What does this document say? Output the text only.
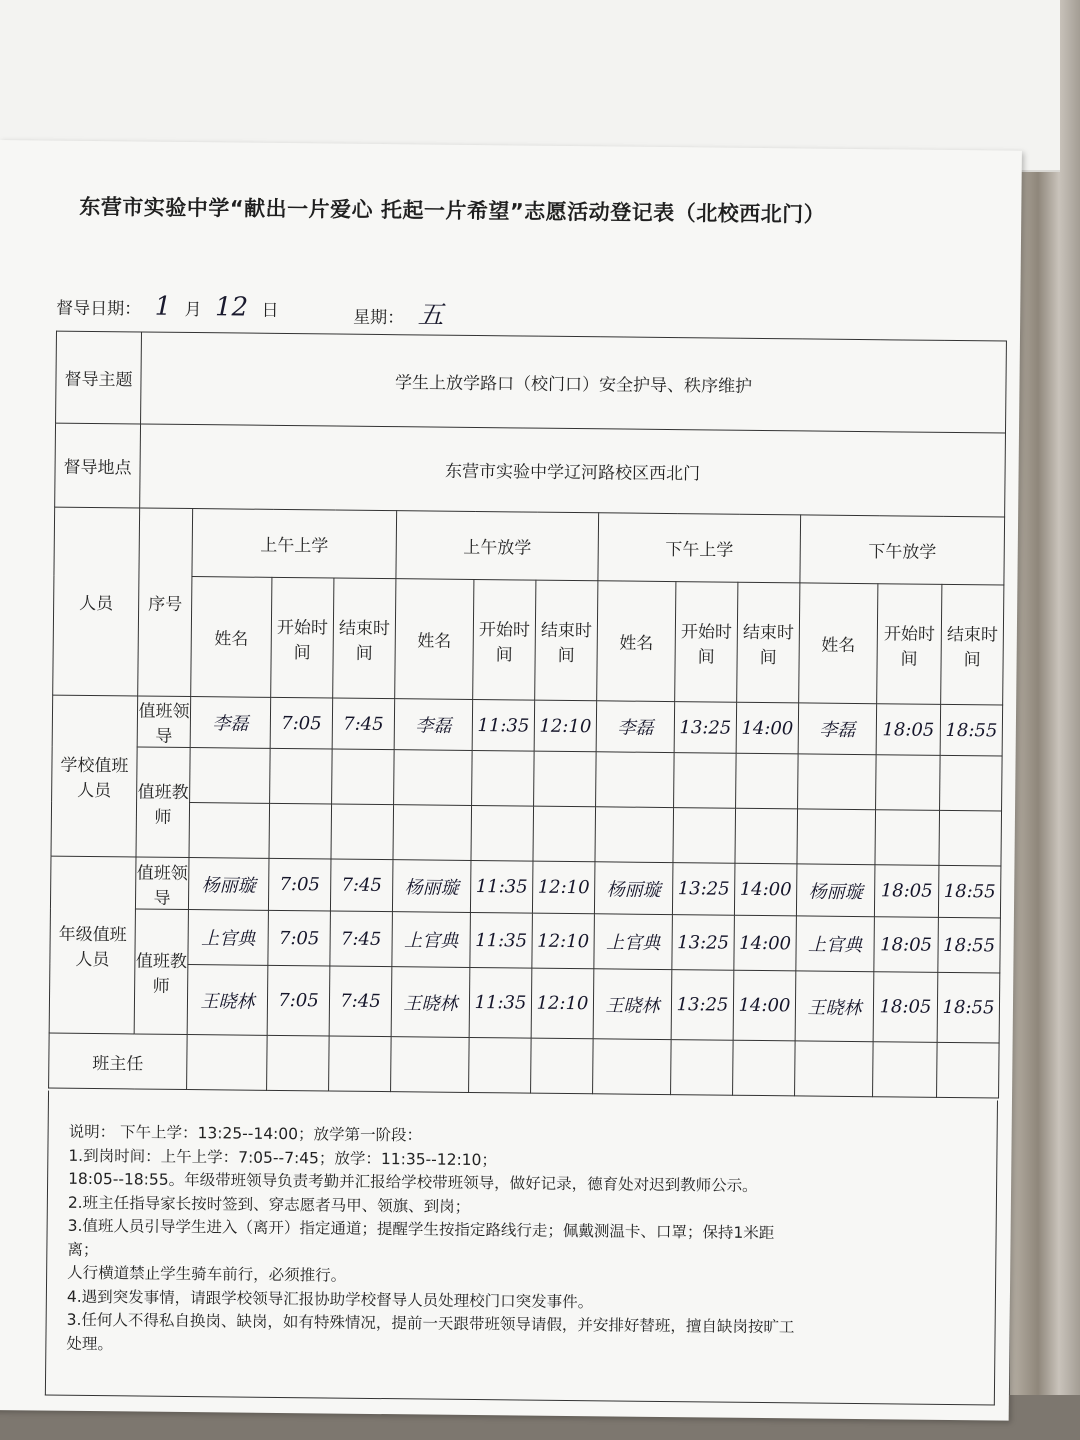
东营市实验中学“献出一片爱心 托起一片希望”志愿活动登记表（北校西北门）
督导日期： 1 月 12 日	星期： 五
督导主题	学生上放学路口（校门口）安全护导、秩序维护												
督导地点	东营市实验中学辽河路校区西北门												
人员	序号	上午上学			上午放学			下午上学			下午放学		
		姓名	开始时间	结束时间	姓名	开始时间	结束时间	姓名	开始时间	结束时间	姓名	开始时间	结束时间
学校值班人员	值班领导	李磊	7:05	7:45	李磊	11:35	12:10	李磊	13:25	14:00	李磊	18:05	18:55
	值班教师												

年级值班人员	值班领导	杨丽璇	7:05	7:45	杨丽璇	11:35	12:10	杨丽璇	13:25	14:00	杨丽璇	18:05	18:55
	值班教师	上官典	7:05	7:45	上官典	11:35	12:10	上官典	13:25	14:00	上官典	18:05	18:55
		王晓林	7:05	7:45	王晓林	11:35	12:10	王晓林	13:25	14:00	王晓林	18:05	18:55
班主任													
说明： 下午上学：13:25--14:00；放学第一阶段：
1.到岗时间：上午上学：7:05--7:45；放学：11:35--12:10；
18:05--18:55。年级带班领导负责考勤并汇报给学校带班领导，做好记录，德育处对迟到教师公示。
2.班主任指导家长按时签到、穿志愿者马甲、领旗、到岗；
3.值班人员引导学生进入（离开）指定通道；提醒学生按指定路线行走；佩戴测温卡、口罩；保持1米距
离；
人行横道禁止学生骑车前行，必须推行。
4.遇到突发事情，请跟学校领导汇报协助学校督导人员处理校门口突发事件。
3.任何人不得私自换岗、缺岗，如有特殊情况，提前一天跟带班领导请假，并安排好替班，擅自缺岗按旷工
处理。
